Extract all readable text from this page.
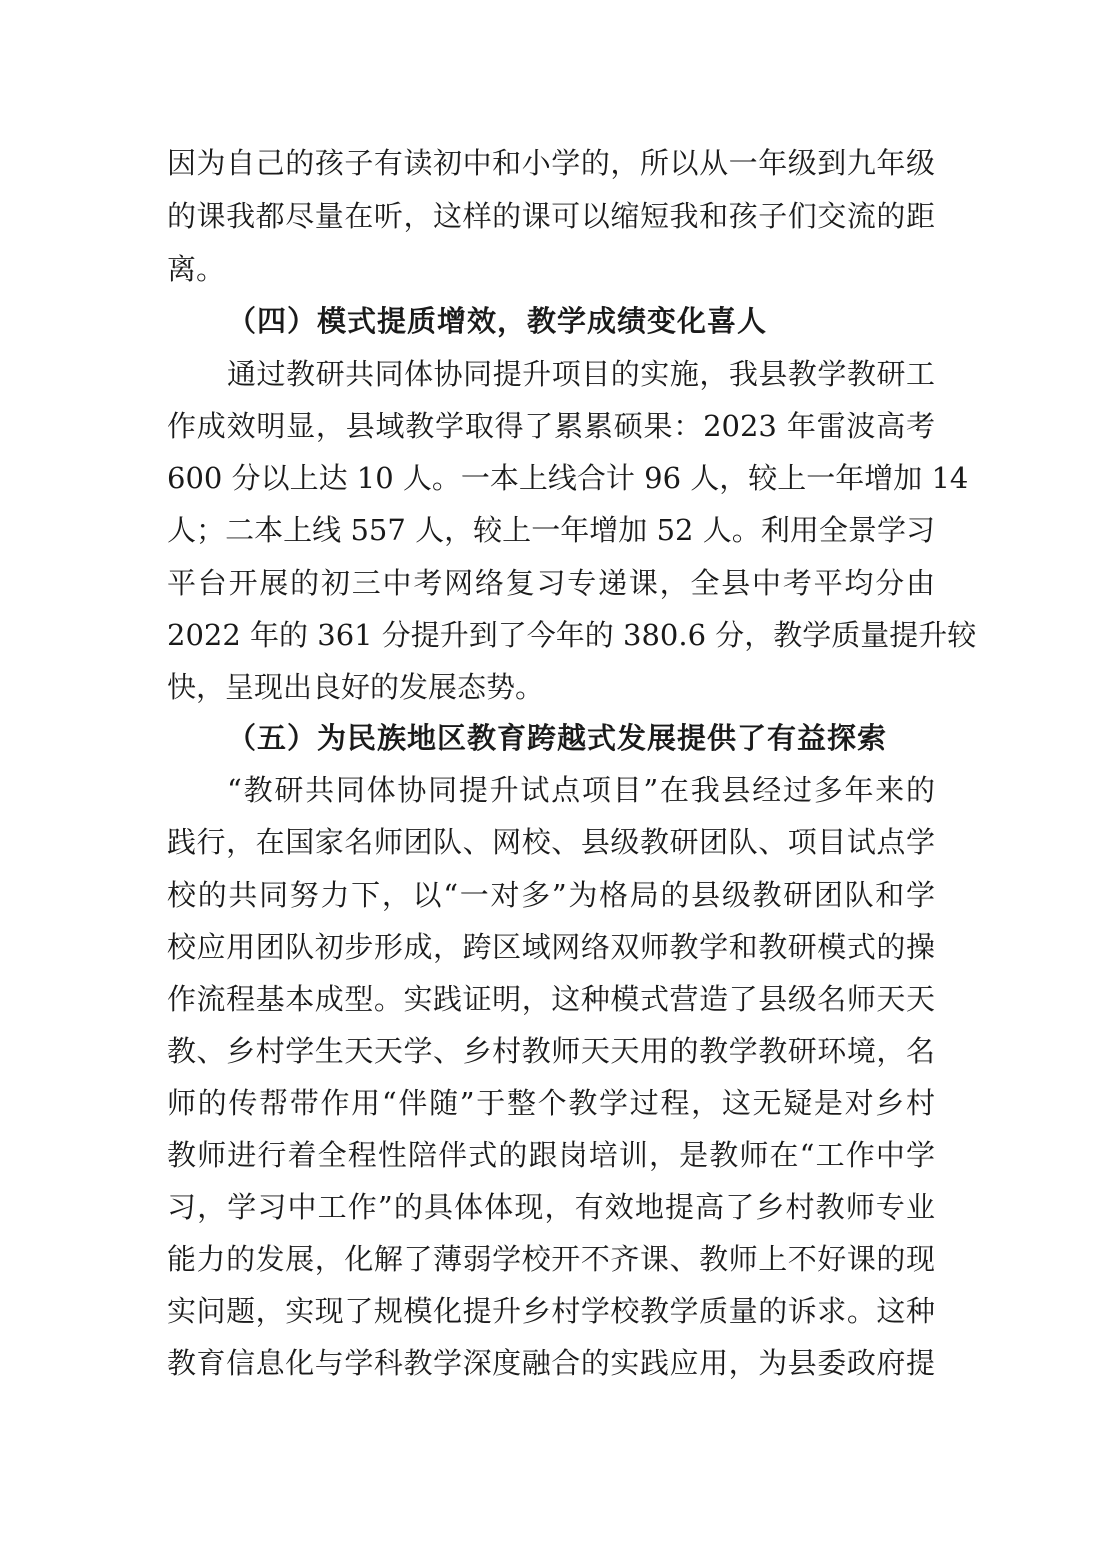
因为自己的孩子有读初中和小学的，所以从一年级到九年级
的课我都尽量在听，这样的课可以缩短我和孩子们交流的距
离。
（四）模式提质增效，教学成绩变化喜人
通过教研共同体协同提升项目的实施，我县教学教研工
作成效明显，县域教学取得了累累硕果：2023 年雷波高考
600 分以上达 10 人。一本上线合计 96 人，较上一年增加 14
人；二本上线 557 人，较上一年增加 52 人。利用全景学习
平台开展的初三中考网络复习专递课，全县中考平均分由
2022 年的 361 分提升到了今年的 380.6 分，教学质量提升较
快，呈现出良好的发展态势。
（五）为民族地区教育跨越式发展提供了有益探索
“教研共同体协同提升试点项目”在我县经过多年来的
践行，在国家名师团队、网校、县级教研团队、项目试点学
校的共同努力下，以“一对多”为格局的县级教研团队和学
校应用团队初步形成，跨区域网络双师教学和教研模式的操
作流程基本成型。实践证明，这种模式营造了县级名师天天
教、乡村学生天天学、乡村教师天天用的教学教研环境，名
师的传帮带作用“伴随”于整个教学过程，这无疑是对乡村
教师进行着全程性陪伴式的跟岗培训，是教师在“工作中学
习，学习中工作”的具体体现，有效地提高了乡村教师专业
能力的发展，化解了薄弱学校开不齐课、教师上不好课的现
实问题，实现了规模化提升乡村学校教学质量的诉求。这种
教育信息化与学科教学深度融合的实践应用，为县委政府提
